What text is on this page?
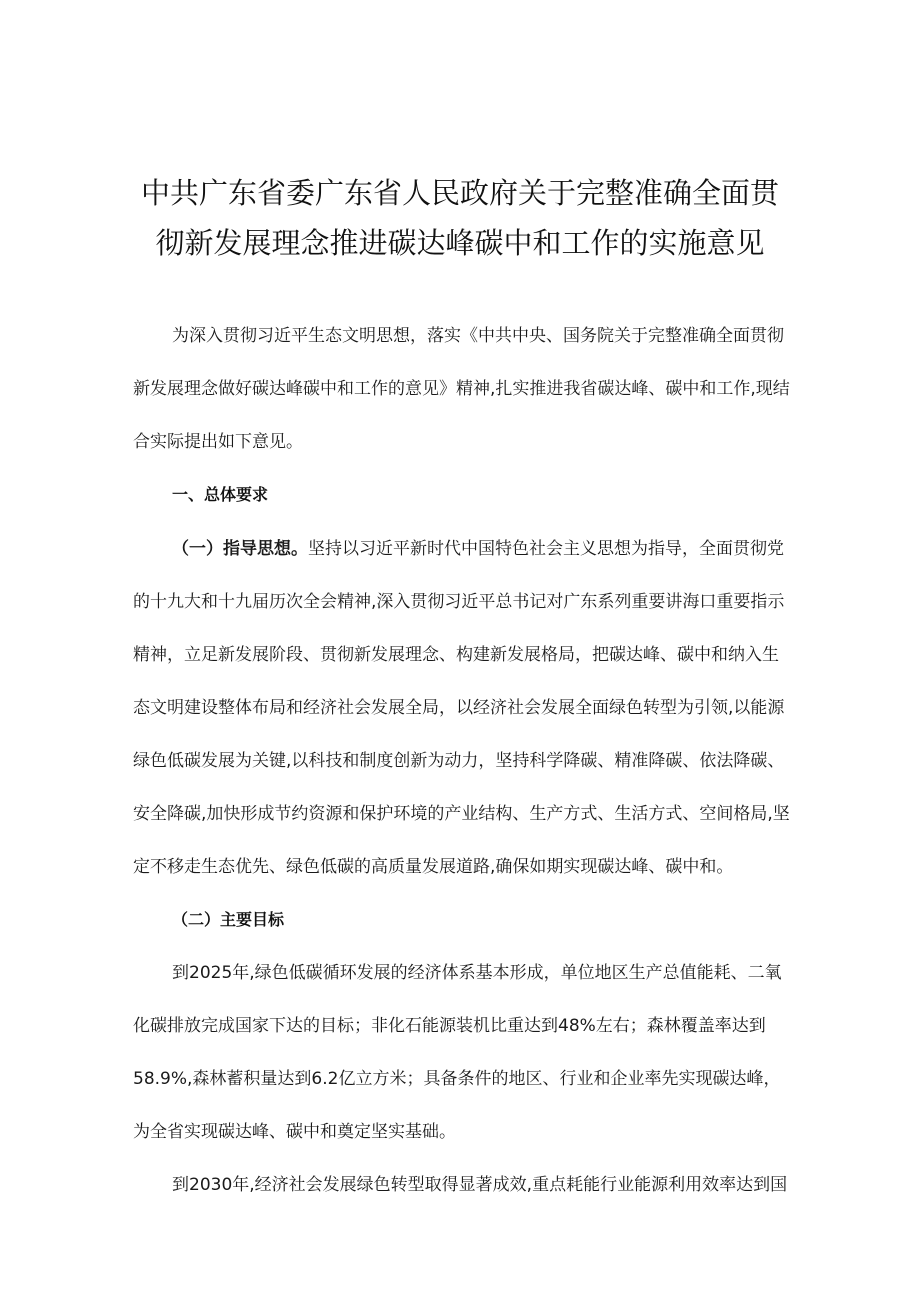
中共广东省委广东省人民政府关于完整准确全面贯
彻新发展理念推进碳达峰碳中和工作的实施意见
为深入贯彻习近平生态文明思想，落实《中共中央、国务院关于完整准确全面贯彻
新发展理念做好碳达峰碳中和工作的意见》精神,扎实推进我省碳达峰、碳中和工作,现结
合实际提出如下意见。
一、总体要求
（一）指导思想。坚持以习近平新时代中国特色社会主义思想为指导，全面贯彻党
的十九大和十九届历次全会精神,深入贯彻习近平总书记对广东系列重要讲海口重要指示
精神，立足新发展阶段、贯彻新发展理念、构建新发展格局，把碳达峰、碳中和纳入生
态文明建设整体布局和经济社会发展全局，以经济社会发展全面绿色转型为引领,以能源
绿色低碳发展为关键,以科技和制度创新为动力，坚持科学降碳、精准降碳、依法降碳、
安全降碳,加快形成节约资源和保护环境的产业结构、生产方式、生活方式、空间格局,坚
定不移走生态优先、绿色低碳的高质量发展道路,确保如期实现碳达峰、碳中和。
（二）主要目标
到2025年,绿色低碳循环发展的经济体系基本形成，单位地区生产总值能耗、二氧
化碳排放完成国家下达的目标；非化石能源装机比重达到48%左右；森林覆盖率达到
58.9%,森林蓄积量达到6.2亿立方米；具备条件的地区、行业和企业率先实现碳达峰，
为全省实现碳达峰、碳中和奠定坚实基础。
到2030年,经济社会发展绿色转型取得显著成效,重点耗能行业能源利用效率达到国
